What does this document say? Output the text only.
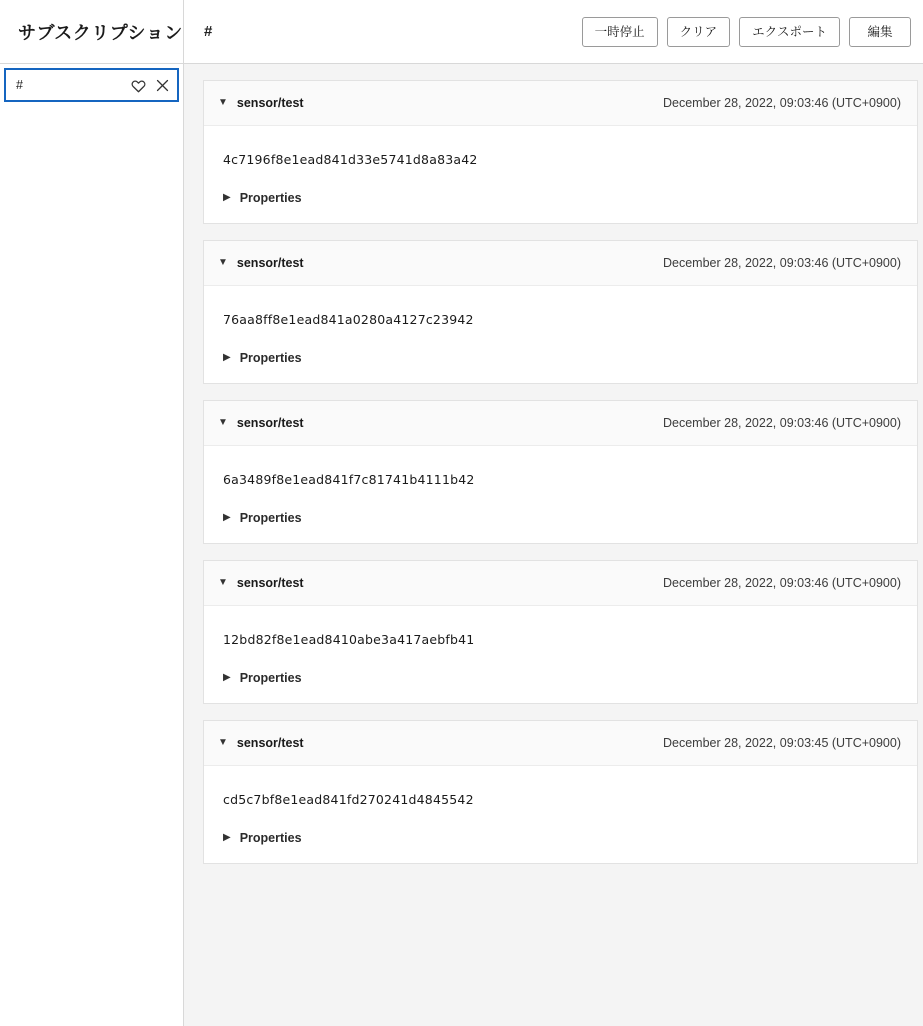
サブスクリプション #	一時停止	クリア	エクスポート	編集
#
▼ sensor/test	December 28, 2022, 09:03:46 (UTC+0900)
4c7196f8e1ead841d33e5741d8a83a42
▶ Properties
▼ sensor/test	December 28, 2022, 09:03:46 (UTC+0900)
76aa8ff8e1ead841a0280a4127c23942
▶ Properties
▼ sensor/test	December 28, 2022, 09:03:46 (UTC+0900)
6a3489f8e1ead841f7c81741b4111b42
▶ Properties
▼ sensor/test	December 28, 2022, 09:03:46 (UTC+0900)
12bd82f8e1ead8410abe3a417aebfb41
▶ Properties
▼ sensor/test	December 28, 2022, 09:03:45 (UTC+0900)
cd5c7bf8e1ead841fd270241d4845542
▶ Properties
